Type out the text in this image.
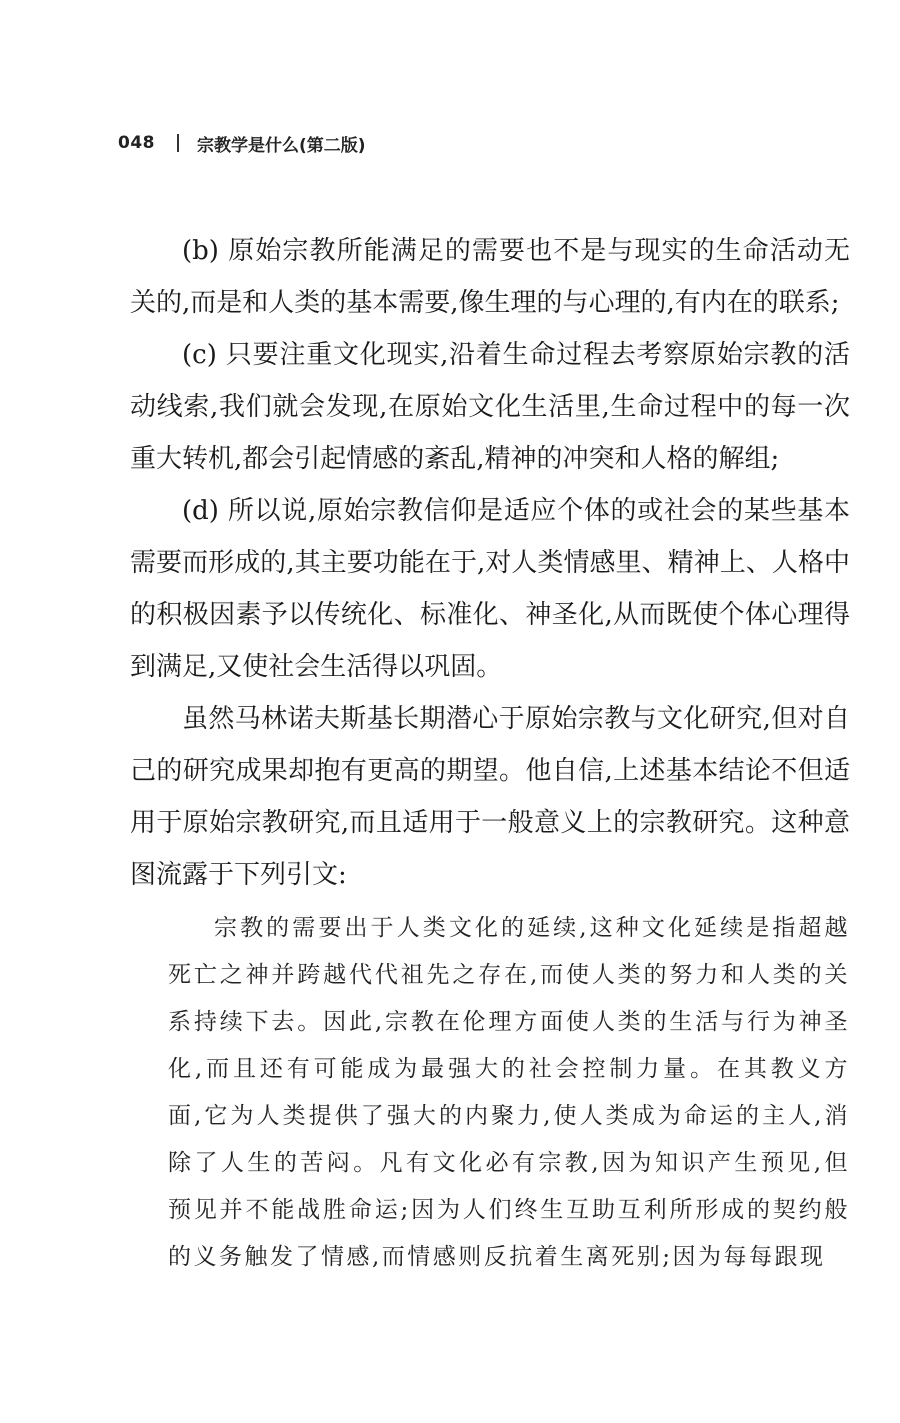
048 宗教学是什么(第二版)

(b) 原始宗教所能满足的需要也不是与现实的生命活动无关的,而是和人类的基本需要,像生理的与心理的,有内在的联系;

(c) 只要注重文化现实,沿着生命过程去考察原始宗教的活动线索,我们就会发现,在原始文化生活里,生命过程中的每一次重大转机,都会引起情感的紊乱,精神的冲突和人格的解组;

(d) 所以说,原始宗教信仰是适应个体的或社会的某些基本需要而形成的,其主要功能在于,对人类情感里、精神上、人格中的积极因素予以传统化、标准化、神圣化,从而既使个体心理得到满足,又使社会生活得以巩固。

虽然马林诺夫斯基长期潜心于原始宗教与文化研究,但对自己的研究成果却抱有更高的期望。他自信,上述基本结论不但适用于原始宗教研究,而且适用于一般意义上的宗教研究。这种意图流露于下列引文:

宗教的需要出于人类文化的延续,这种文化延续是指超越死亡之神并跨越代代祖先之存在,而使人类的努力和人类的关系持续下去。因此,宗教在伦理方面使人类的生活与行为神圣化,而且还有可能成为最强大的社会控制力量。在其教义方面,它为人类提供了强大的内聚力,使人类成为命运的主人,消除了人生的苦闷。凡有文化必有宗教,因为知识产生预见,但预见并不能战胜命运;因为人们终生互助互利所形成的契约般的义务触发了情感,而情感则反抗着生离死别;因为每每跟现
